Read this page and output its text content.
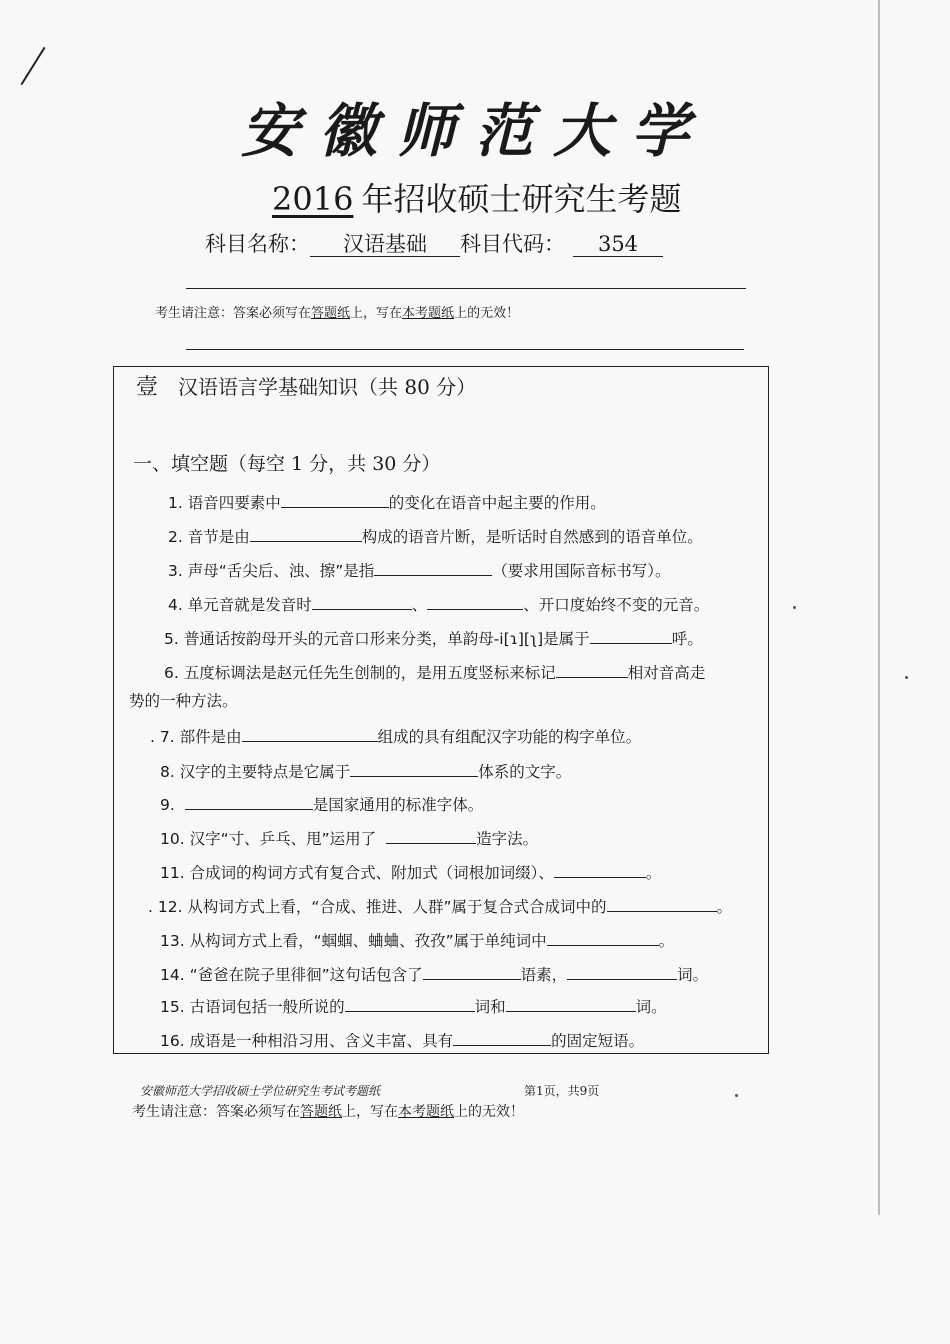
安徽师范大学
2016 年招收硕士研究生考题
科目名称： 汉语基础 科目代码： 354
考生请注意：答案必须写在答题纸上，写在本考题纸上的无效！
壹 汉语语言学基础知识（共 80 分）
一、填空题（每空 1 分，共 30 分）
1. 语音四要素中	的变化在语音中起主要的作用。
2. 音节是由	构成的语音片断，是听话时自然感到的语音单位。
3. 声母“舌尖后、浊、擦”是指	（要求用国际音标书写）。
4. 单元音就是发音时	、	、开口度始终不变的元音。
5. 普通话按韵母开头的元音口形来分类，单韵母-i[ɿ][ʅ]是属于	呼。
6. 五度标调法是赵元任先生创制的，是用五度竖标来标记	相对音高走
势的一种方法。
. 7. 部件是由	组成的具有组配汉字功能的构字单位。
8. 汉字的主要特点是它属于	体系的文字。
9.	是国家通用的标准字体。
10. 汉字“寸、乒乓、甩”运用了	造字法。
11. 合成词的构词方式有复合式、附加式（词根加词缀）、	。
. 12. 从构词方式上看，“合成、推进、人群”属于复合式合成词中的	。
13. 从构词方式上看，“蝈蝈、蛐蛐、孜孜”属于单纯词中	。
14. “爸爸在院子里徘徊”这句话包含了	语素，	词。
15. 古语词包括一般所说的	词和	词。
16. 成语是一种相沿习用、含义丰富、具有	的固定短语。
安徽师范大学招收硕士学位研究生考试考题纸	第1页，共9页
考生请注意：答案必须写在答题纸上，写在本考题纸上的无效！
